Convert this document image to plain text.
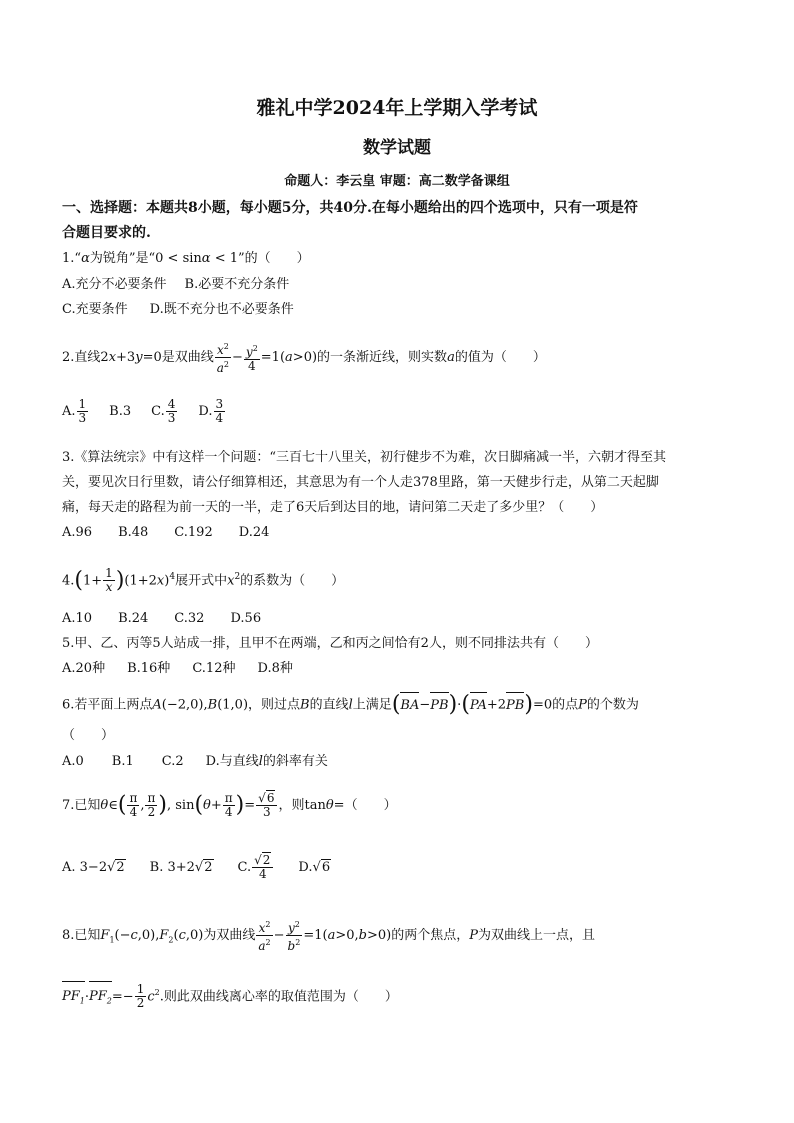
雅礼中学2024年上学期入学考试
数学试题
命题人：李云皇 审题：高二数学备课组
一、选择题：本题共8小题，每小题5分，共40分.在每小题给出的四个选项中，只有一项是符
合题目要求的.
1.“α为锐角”是“0 < sinα < 1”的（　　）
A.充分不必要条件 B.必要不充分条件
C.充要条件 D.既不充分也不必要条件
2.直线2x+3y=0是双曲线 $\frac{x^2}{a^2} - \frac{y^2}{4} =1(a>0)$的一条渐近线，则实数a的值为（　　）
A. $\frac{1}{3} B.3$ C. $\frac{4}{3} D$. $\frac{3}{4}$
3.《算法统宗》中有这样一个问题：“三百七十八里关，初行健步不为难，次日脚痛减一半，六朝才得至其
关，要见次日行里数，请公仔细算相还，其意思为有一个人走378里路，第一天健步行走，从第二天起脚
痛，每天走的路程为前一天的一半，走了6天后到达目的地，请问第二天走了多少里？（　　）
A.96 B.48 C.192 D.24
$4.(1+ \frac{1}{x} )(1+2x)^4$展开式中$x^2$的系数为（　　）
A.10 B.24 C.32 D.56
5.甲、乙、丙等5人站成一排，且甲不在两端，乙和丙之间恰有2人，则不同排法共有（　　）
A.20种 B.16种 C.12种 D.8种
6.若平面上两点A(−2,0),B(1,0)，则过点B的直线l上满足(BA−PB)·(PA+2PB)=0的点P的个数为
（　　）
A.0 B.1 C.2 D.与直线l的斜率有关
7.已知θ∈( $\frac{\pi}{4}$ , $\frac{\pi}{2}$ ), $\sin(\theta+ \frac{\pi}{4}$ )= $\frac{√6}{3}$ ，则tanθ=（　　）
A. 3−2√2 B. 3+2√2 C. $\frac{√2}{4} D.√6$
8.已知$F_1(-c,0),F_2(c,0)$为双曲线 $\frac{x^2}{a^2} - \frac{y^2}{b^2} =1(a>0,b>0)$的两个焦点，P为双曲线上一点，且
$PF_1\cdot PF_2=- \frac{1}{2} c^2$.则此双曲线离心率的取值范围为（　　）
